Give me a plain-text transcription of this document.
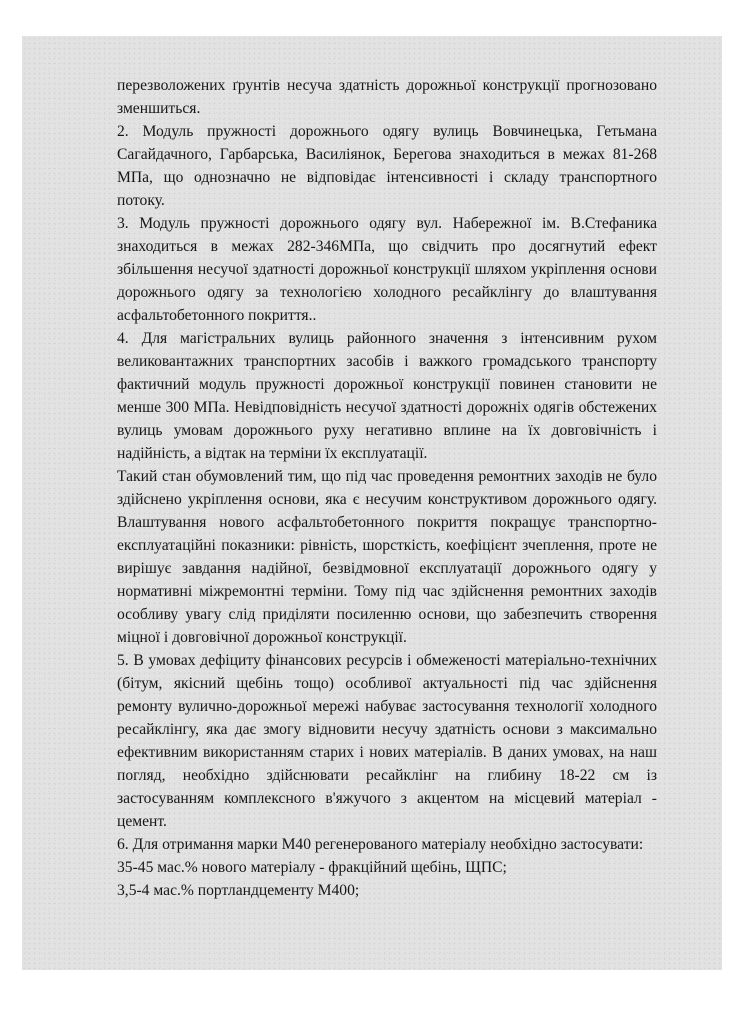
перезволожених ґрунтів несуча здатність дорожньої конструкції прогнозовано
зменшиться.
2. Модуль пружності дорожнього одягу вулиць Вовчинецька, Гетьмана
Сагайдачного, Гарбарська, Василіянок, Берегова знаходиться в межах 81-268
МПа, що однозначно не відповідає інтенсивності і складу транспортного
потоку.
3. Модуль пружності дорожнього одягу вул. Набережної ім. В.Стефаника
знаходиться в межах 282-346МПа, що свідчить про досягнутий ефект
збільшення несучої здатності дорожньої конструкції шляхом укріплення основи
дорожнього одягу за технологією холодного ресайклінгу до влаштування
асфальтобетонного покриття..
4. Для магістральних вулиць районного значення з інтенсивним рухом
великовантажних транспортних засобів і важкого громадського транспорту
фактичний модуль пружності дорожньої конструкції повинен становити не
менше 300 МПа. Невідповідність несучої здатності дорожніх одягів обстежених
вулиць умовам дорожнього руху негативно вплине на їх довговічність і
надійність, а відтак на терміни їх експлуатації.
Такий стан обумовлений тим, що під час проведення ремонтних заходів не було
здійснено укріплення основи, яка є несучим конструктивом дорожнього одягу.
Влаштування нового асфальтобетонного покриття покращує транспортно-
експлуатаційні показники: рівність, шорсткість, коефіцієнт зчеплення, проте не
вирішує завдання надійної, безвідмовної експлуатації дорожнього одягу у
нормативні міжремонтні терміни. Тому під час здійснення ремонтних заходів
особливу увагу слід приділяти посиленню основи, що забезпечить створення
міцної і довговічної дорожньої конструкції.
5. В умовах дефіциту фінансових ресурсів і обмеженості матеріально-технічних
(бітум, якісний щебінь тощо) особливої актуальності під час здійснення
ремонту вулично-дорожньої мережі набуває застосування технології холодного
ресайклінгу, яка дає змогу відновити несучу здатність основи з максимально
ефективним використанням старих і нових матеріалів. В даних умовах, на наш
погляд, необхідно здійснювати ресайклінг на глибину 18-22 см із
застосуванням комплексного в'яжучого з акцентом на місцевий матеріал -
цемент.
6. Для отримання марки М40 регенерованого матеріалу необхідно застосувати:
35-45 мас.% нового матеріалу - фракційний щебінь, ЩПС;
3,5-4 мас.% портландцементу М400;
